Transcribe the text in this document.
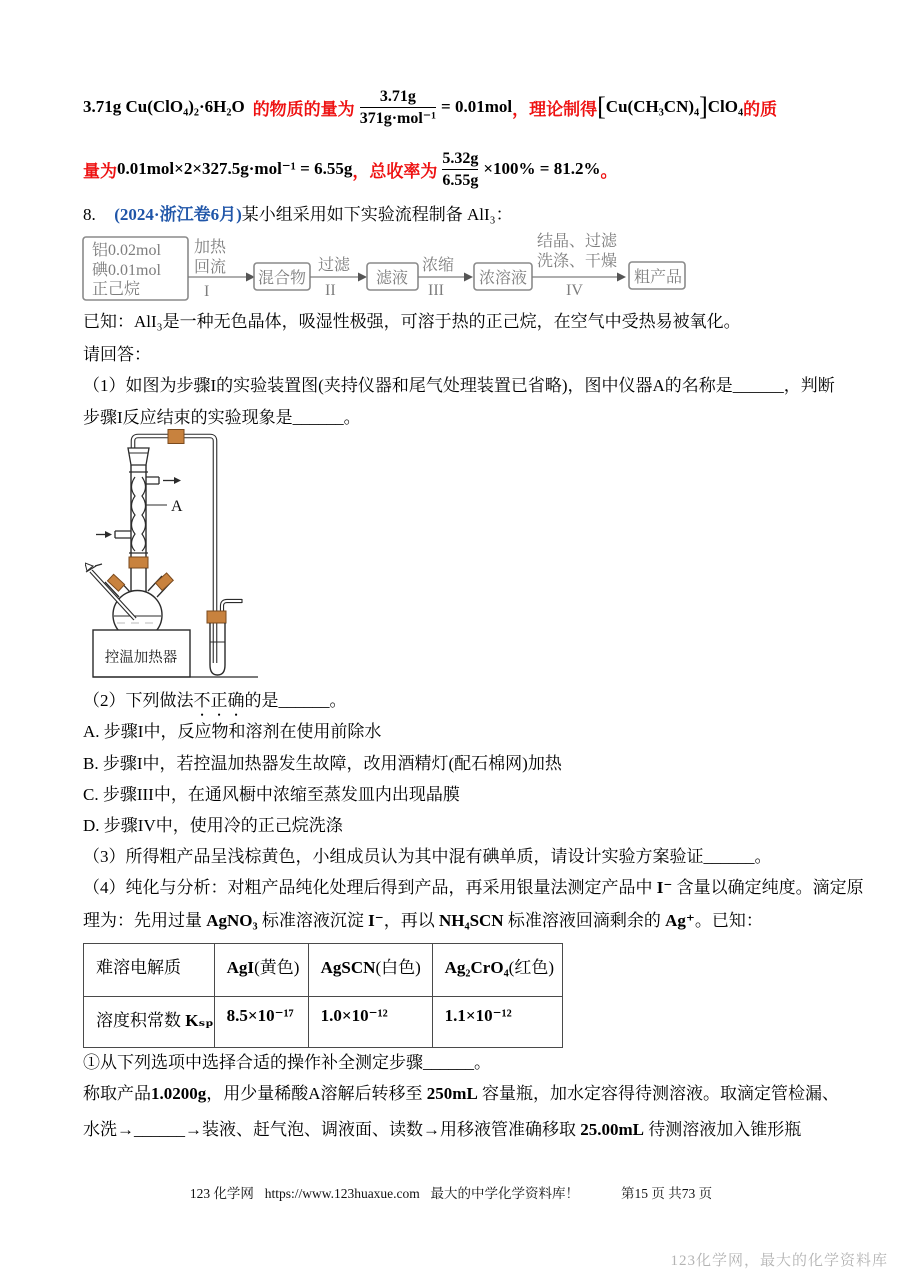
3.71g Cu(ClO₄)₂·6H₂O 的物质的量为 $\frac{3.71g}{\text{371g·mol⁻¹}} = 0.01mol$ ，理论制得 [ Cu(CH₃CN)₄ ] ClO₄ 的质
量为 0.01mol×2×327.5g·mol⁻¹ = 6.55g ，总收率为 $\frac{5.32g}{6.55g} \times 100\% = 81.2\%$ 。
8. (2024·浙江卷6月)某小组采用如下实验流程制备 AlI₃：
铝0.02mol
碘0.01mol
正己烷
加热
回流
I
混合物
过滤
II
滤液
浓缩
III
浓溶液
结晶、过滤
洗涤、干燥
IV
粗产品
已知：AlI₃是一种无色晶体，吸湿性极强，可溶于热的正己烷，在空气中受热易被氧化。
请回答：
（1）如图为步骤I的实验装置图(夹持仪器和尾气处理装置已省略)，图中仪器A的名称是______，判断
步骤I反应结束的实验现象是______。
A
控温加热器
（2）下列做法不正确的是______。
A. 步骤I中，反应物和溶剂在使用前除水
B. 步骤I中，若控温加热器发生故障，改用酒精灯(配石棉网)加热
C. 步骤III中，在通风橱中浓缩至蒸发皿内出现晶膜
D. 步骤IV中，使用冷的正己烷洗涤
（3）所得粗产品呈浅棕黄色，小组成员认为其中混有碘单质，请设计实验方案验证______。
（4）纯化与分析：对粗产品纯化处理后得到产品，再采用银量法测定产品中 I⁻ 含量以确定纯度。滴定原
理为：先用过量 AgNO₃ 标准溶液沉淀 I⁻，再以 NH₄SCN 标准溶液回滴剩余的 Ag⁺。已知：
难溶电解质	AgI(黄色)	AgSCN(白色)	Ag₂CrO₄(红色)
溶度积常数 Kₛₚ	8.5×10⁻¹⁷	1.0×10⁻¹²	1.1×10⁻¹²
①从下列选项中选择合适的操作补全测定步骤______。
称取产品1.0200g，用少量稀酸A溶解后转移至 250mL 容量瓶，加水定容得待测溶液。取滴定管检漏、
水洗→______→装液、赶气泡、调液面、读数→用移液管准确移取 25.00mL 待测溶液加入锥形瓶
123 化学网 https://www.123huaxue.com 最大的中学化学资料库！	第15 页 共73 页
123化学网，最大的化学资料库
